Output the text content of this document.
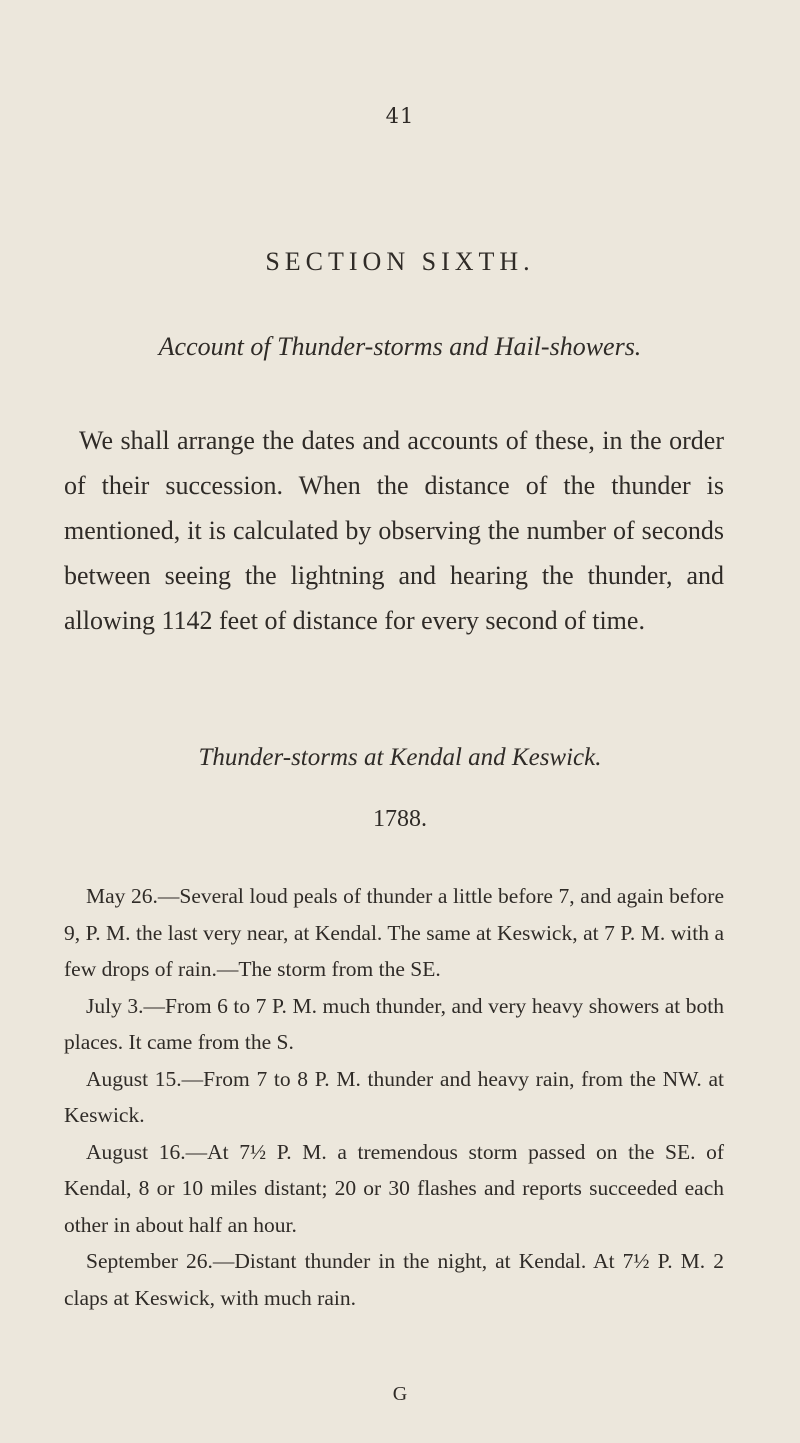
41
SECTION SIXTH.
Account of Thunder-storms and Hail-showers.

We shall arrange the dates and accounts of these, in the order of their succession. When the distance of the thunder is mentioned, it is calculated by observing the number of seconds between seeing the lightning and hearing the thunder, and allowing 1142 feet of distance for every second of time.

Thunder-storms at Kendal and Keswick.
1788.

May 26.—Several loud peals of thunder a little before 7, and again before 9, P. M. the last very near, at Kendal. The same at Keswick, at 7 P. M. with a few drops of rain.—The storm from the SE.

July 3.—From 6 to 7 P. M. much thunder, and very heavy showers at both places. It came from the S.

August 15.—From 7 to 8 P. M. thunder and heavy rain, from the NW. at Keswick.

August 16.—At 7½ P. M. a tremendous storm passed on the SE. of Kendal, 8 or 10 miles distant; 20 or 30 flashes and reports succeeded each other in about half an hour.

September 26.—Distant thunder in the night, at Kendal. At 7½ P. M. 2 claps at Keswick, with much rain.

G
